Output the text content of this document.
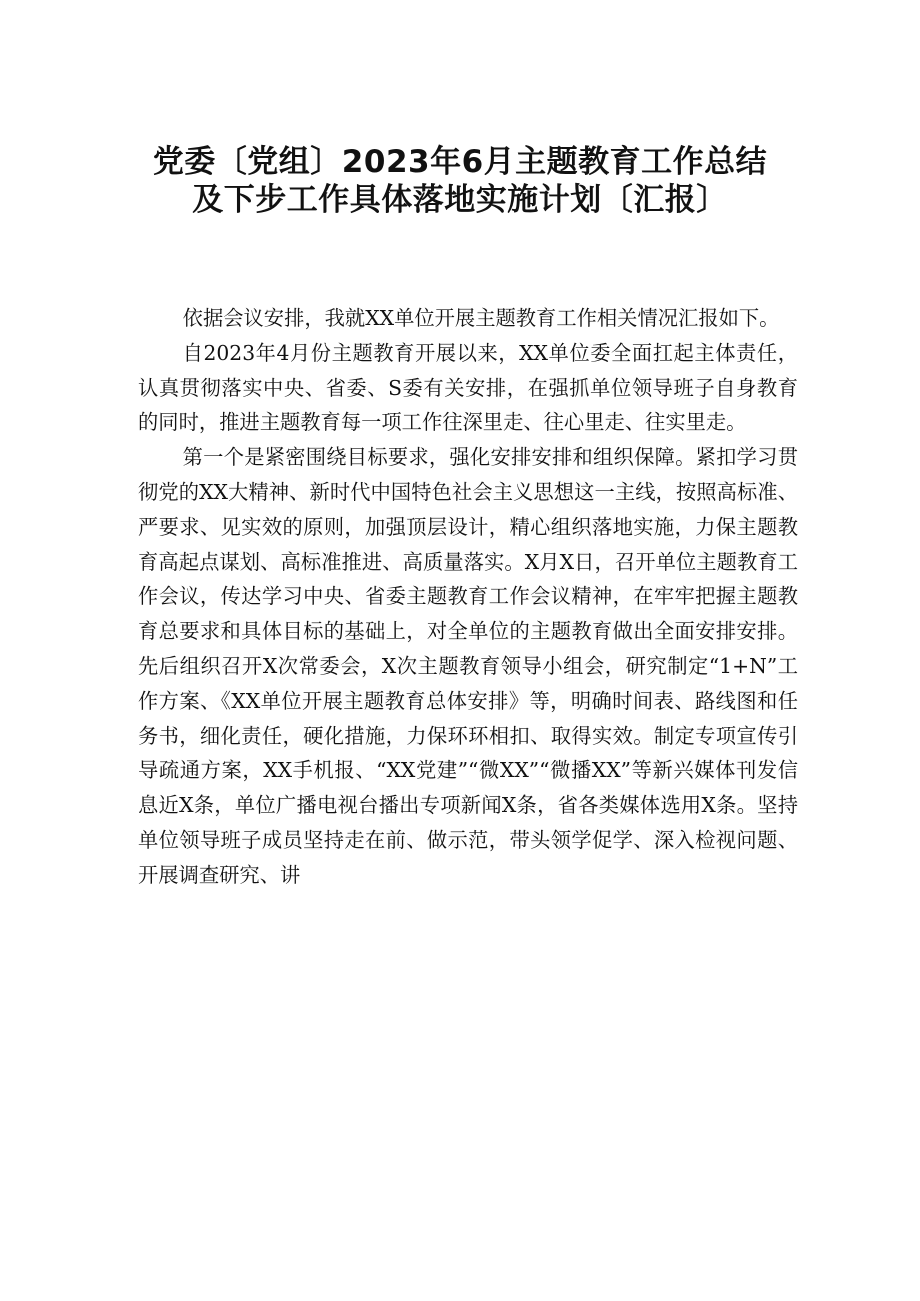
党委〔党组〕2023年6月主题教育工作总结
及下步工作具体落地实施计划〔汇报〕

依据会议安排，我就XX单位开展主题教育工作相关情况汇报如下。

自2023年4月份主题教育开展以来，XX单位委全面扛起主体责任，认真贯彻落实中央、省委、S委有关安排，在强抓单位领导班子自身教育的同时，推进主题教育每一项工作往深里走、往心里走、往实里走。

第一个是紧密围绕目标要求，强化安排安排和组织保障。紧扣学习贯彻党的XX大精神、新时代中国特色社会主义思想这一主线，按照高标准、严要求、见实效的原则，加强顶层设计，精心组织落地实施，力保主题教育高起点谋划、高标准推进、高质量落实。X月X日，召开单位主题教育工作会议，传达学习中央、省委主题教育工作会议精神，在牢牢把握主题教育总要求和具体目标的基础上，对全单位的主题教育做出全面安排安排。先后组织召开X次常委会，X次主题教育领导小组会，研究制定“1+N”工作方案、《XX单位开展主题教育总体安排》等，明确时间表、路线图和任务书，细化责任，硬化措施，力保环环相扣、取得实效。制定专项宣传引导疏通方案，XX手机报、“XX党建”“微XX”“微播XX”等新兴媒体刊发信息近X条，单位广播电视台播出专项新闻X条，省各类媒体选用X条。坚持单位领导班子成员坚持走在前、做示范，带头领学促学、深入检视问题、开展调查研究、讲
